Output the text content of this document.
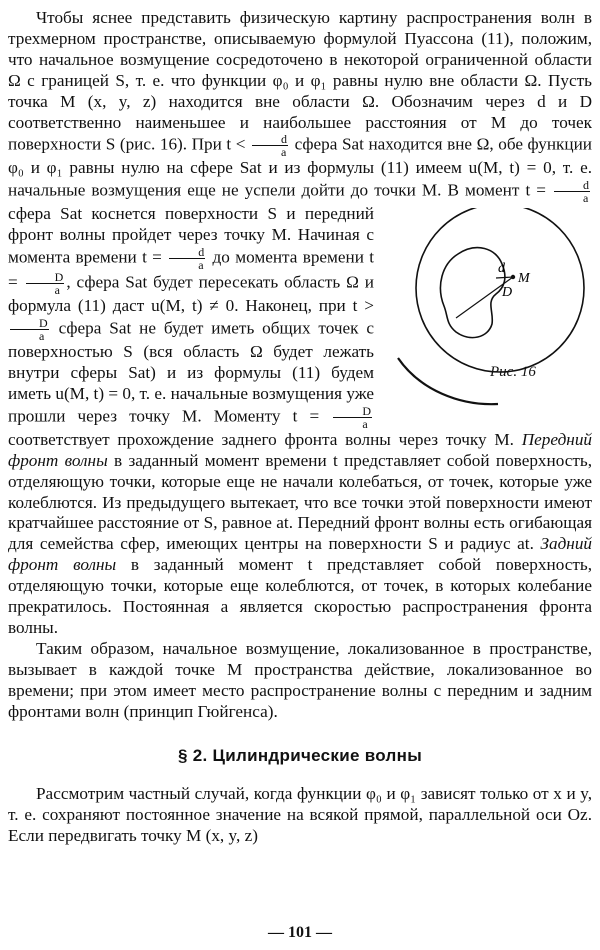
Чтобы яснее представить физическую картину распространения волн в трехмерном пространстве, описываемую формулой Пуассона (11), положим, что начальное возмущение сосредоточено в некоторой ограниченной области Ω с границей S, т. е. что функции φ₀ и φ₁ равны нулю вне области Ω. Пусть точка M (x, y, z) находится вне области Ω. Обозначим через d и D соответственно наименьшее и наибольшее расстояния от M до точек поверхности S (рис. 16). При $t < \frac{d}{a}$ сфера Sat находится вне Ω, обе функции φ₀ и φ₁ равны нулю на сфере Sat и из формулы (11) имеем u(M, t) = 0, т. е. начальные возмущения еще не успели дойти до точки M. В момент
d
D
M
Рис. 16
$t = \frac{d}{a}$
сфера Sat коснется поверхности S и передний фронт волны пройдет через точку M. Начиная с момента времени $t = \frac{d}{a}$ до момента времени $t = \frac{D}{a}$ , сфера Sat будет пересекать область Ω и формула (11) даст u(M, t) ≠ 0. Наконец, при t >
$\frac{D}{a}$ сфера Sat не будет иметь общих точек с поверхностью S (вся область Ω будет лежать внутри сферы Sat) и из формулы (11) будем иметь u(M, t) = 0, т. е. начальные возмущения уже прошли через точку M. Моменту $t = \frac{D}{a}$
соответствует прохождение заднего фронта волны через точку M. Передний фронт волны в заданный момент времени t представляет собой поверхность, отделяющую точки, которые еще не начали колебаться, от точек, которые уже колеблются. Из предыдущего вытекает, что все точки этой поверхности имеют кратчайшее расстояние от S, равное at. Передний фронт волны есть огибающая для семейства сфер, имеющих центры на поверхности S и радиус at. Задний фронт волны в заданный момент t представляет собой поверхность, отделяющую точки, которые еще колеблются, от точек, в которых колебание прекратилось. Постоянная a является скоростью распространения фронта волны.

Таким образом, начальное возмущение, локализованное в пространстве, вызывает в каждой точке M пространства действие, локализованное во времени; при этом имеет место распространение волны с передним и задним фронтами волн (принцип Гюйгенса).

§ 2. Цилиндрические волны

Рассмотрим частный случай, когда функции φ₀ и φ₁ зависят только от x и y, т. е. сохраняют постоянное значение на всякой прямой, параллельной оси Oz. Если передвигать точку M (x, y, z)

— 101 —
